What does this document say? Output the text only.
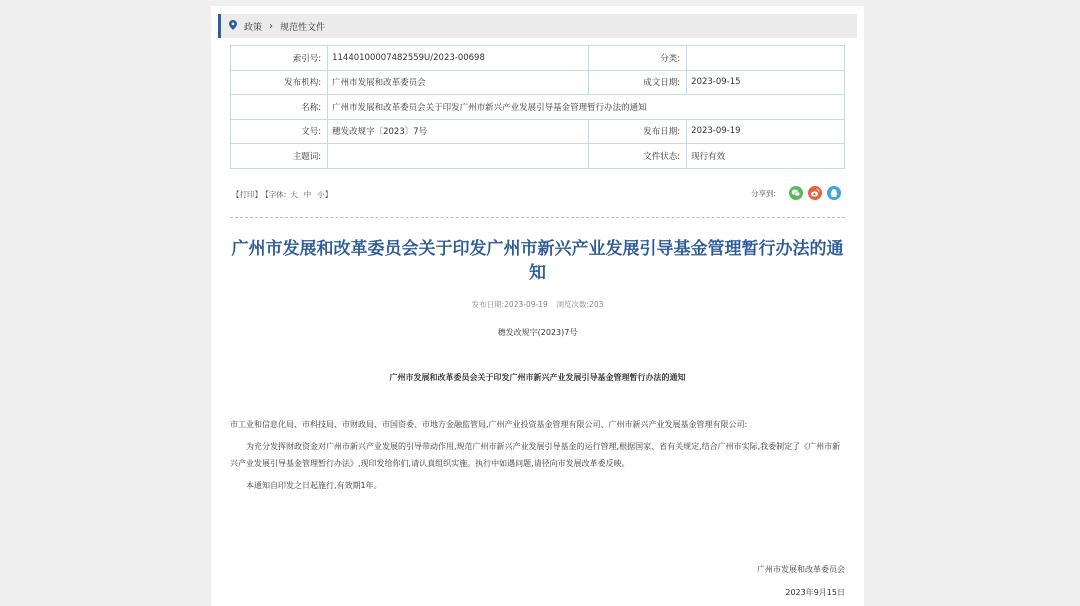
政策 › 规范性文件
索引号:	11440100007482559U/2023-00698	分类:	
发布机构:	广州市发展和改革委员会	成文日期:	2023-09-15
名称:	广州市发展和改革委员会关于印发广州市新兴产业发展引导基金管理暂行办法的通知		
文号:	穗发改规字〔2023〕7号	发布日期:	2023-09-19
主题词:		文件状态:	现行有效
【打印】 【字体: 大 中 小】	分享到:
广州市发展和改革委员会关于印发广州市新兴产业发展引导基金管理暂行办法的通知
发布日期:2023-09-19 浏览次数:203
穗发改规字(2023)7号
广州市发展和改革委员会关于印发广州市新兴产业发展引导基金管理暂行办法的通知

市工业和信息化局、市科技局、市财政局、市国资委、市地方金融监管局,广州产业投资基金管理有限公司、广州市新兴产业发展基金管理有限公司:

为充分发挥财政资金对广州市新兴产业发展的引导带动作用,规范广州市新兴产业发展引导基金的运行管理,根据国家、省有关规定,结合广州市实际,我委制定了《广州市新兴产业发展引导基金管理暂行办法》,现印发给你们,请认真组织实施。执行中如遇问题,请径向市发展改革委反映。

本通知自印发之日起施行,有效期1年。

广州市发展和改革委员会
2023年9月15日
